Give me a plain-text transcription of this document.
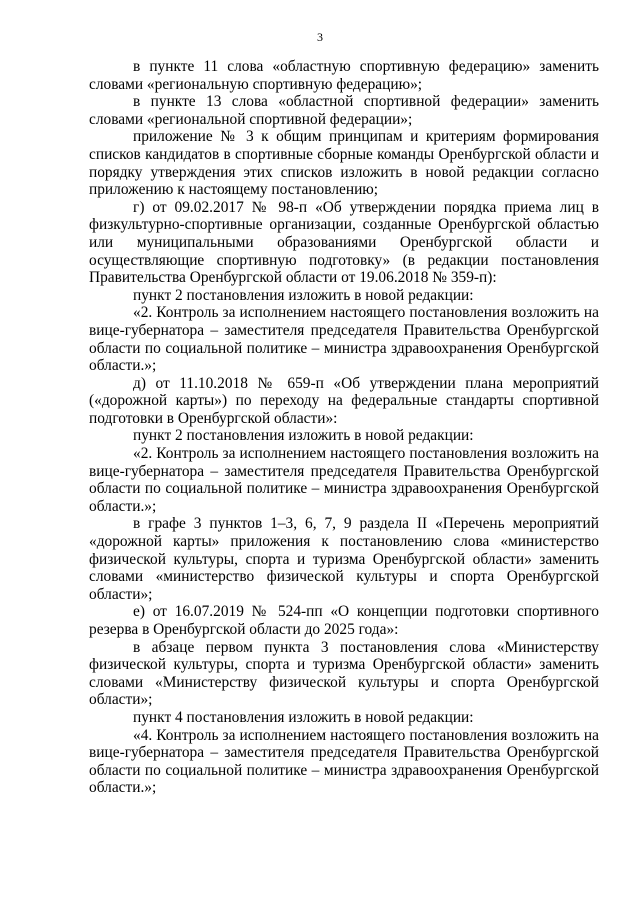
3

в пункте 11 слова «областную спортивную федерацию» заменить словами «региональную спортивную федерацию»;

в пункте 13 слова «областной спортивной федерации» заменить словами «региональной спортивной федерации»;

приложение № 3 к общим принципам и критериям формирования списков кандидатов в спортивные сборные команды Оренбургской области и порядку утверждения этих списков изложить в новой редакции согласно приложению к настоящему постановлению;

г) от 09.02.2017 № 98-п «Об утверждении порядка приема лиц в физкультурно-спортивные организации, созданные Оренбургской областью или муниципальными образованиями Оренбургской области и осуществляющие спортивную подготовку» (в редакции постановления Правительства Оренбургской области от 19.06.2018 № 359-п):

пункт 2 постановления изложить в новой редакции:

«2. Контроль за исполнением настоящего постановления возложить на вице-губернатора – заместителя председателя Правительства Оренбургской области по социальной политике – министра здравоохранения Оренбургской области.»;

д) от 11.10.2018 № 659-п «Об утверждении плана мероприятий («дорожной карты») по переходу на федеральные стандарты спортивной подготовки в Оренбургской области»:

пункт 2 постановления изложить в новой редакции:

«2. Контроль за исполнением настоящего постановления возложить на вице-губернатора – заместителя председателя Правительства Оренбургской области по социальной политике – министра здравоохранения Оренбургской области.»;

в графе 3 пунктов 1–3, 6, 7, 9 раздела II «Перечень мероприятий «дорожной карты» приложения к постановлению слова «министерство физической культуры, спорта и туризма Оренбургской области» заменить словами «министерство физической культуры и спорта Оренбургской области»;

е) от 16.07.2019 № 524-пп «О концепции подготовки спортивного резерва в Оренбургской области до 2025 года»:

в абзаце первом пункта 3 постановления слова «Министерству физической культуры, спорта и туризма Оренбургской области» заменить словами «Министерству физической культуры и спорта Оренбургской области»;

пункт 4 постановления изложить в новой редакции:

«4. Контроль за исполнением настоящего постановления возложить на вице-губернатора – заместителя председателя Правительства Оренбургской области по социальной политике – министра здравоохранения Оренбургской области.»;
